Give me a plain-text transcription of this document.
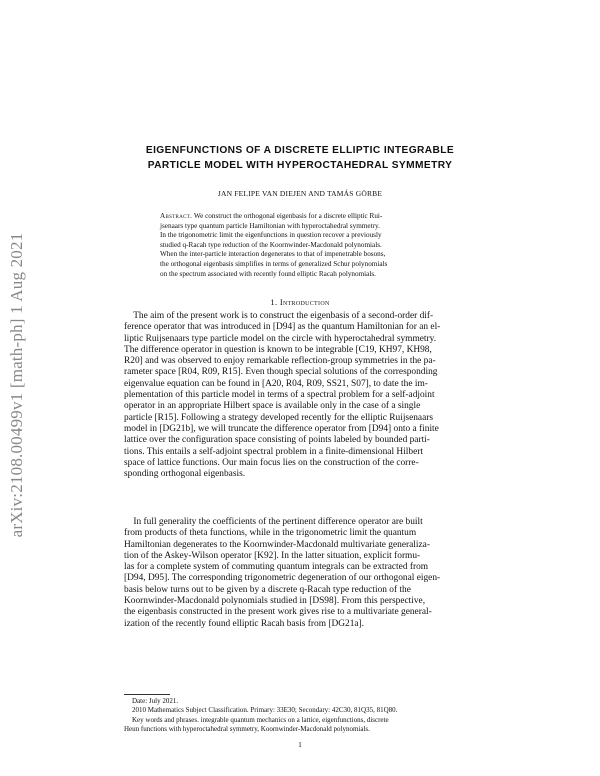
arXiv:2108.00499v1 [math-ph] 1 Aug 2021
EIGENFUNCTIONS OF A DISCRETE ELLIPTIC INTEGRABLE
PARTICLE MODEL WITH HYPEROCTAHEDRAL SYMMETRY
JAN FELIPE VAN DIEJEN AND TAMÁS GÖRBE
Abstract. We construct the orthogonal eigenbasis for a discrete elliptic Rui-
jsenaars type quantum particle Hamiltonian with hyperoctahedral symmetry.
In the trigonometric limit the eigenfunctions in question recover a previously
studied q-Racah type reduction of the Koornwinder-Macdonald polynomials.
When the inter-particle interaction degenerates to that of impenetrable bosons,
the orthogonal eigenbasis simplifies in terms of generalized Schur polynomials
on the spectrum associated with recently found elliptic Racah polynomials.
1. Introduction
The aim of the present work is to construct the eigenbasis of a second-order dif-
ference operator that was introduced in [D94] as the quantum Hamiltonian for an el-
liptic Ruijsenaars type particle model on the circle with hyperoctahedral symmetry.
The difference operator in question is known to be integrable [C19, KH97, KH98,
R20] and was observed to enjoy remarkable reflection-group symmetries in the pa-
rameter space [R04, R09, R15]. Even though special solutions of the corresponding
eigenvalue equation can be found in [A20, R04, R09, SS21, S07], to date the im-
plementation of this particle model in terms of a spectral problem for a self-adjoint
operator in an appropriate Hilbert space is available only in the case of a single
particle [R15]. Following a strategy developed recently for the elliptic Ruijsenaars
model in [DG21b], we will truncate the difference operator from [D94] onto a finite
lattice over the configuration space consisting of points labeled by bounded parti-
tions. This entails a self-adjoint spectral problem in a finite-dimensional Hilbert
space of lattice functions. Our main focus lies on the construction of the corre-
sponding orthogonal eigenbasis.
In full generality the coefficients of the pertinent difference operator are built
from products of theta functions, while in the trigonometric limit the quantum
Hamiltonian degenerates to the Koornwinder-Macdonald multivariate generaliza-
tion of the Askey-Wilson operator [K92]. In the latter situation, explicit formu-
las for a complete system of commuting quantum integrals can be extracted from
[D94, D95]. The corresponding trigonometric degeneration of our orthogonal eigen-
basis below turns out to be given by a discrete q-Racah type reduction of the
Koornwinder-Macdonald polynomials studied in [DS98]. From this perspective,
the eigenbasis constructed in the present work gives rise to a multivariate general-
ization of the recently found elliptic Racah basis from [DG21a].
Date: July 2021.
2010 Mathematics Subject Classification. Primary: 33E30; Secondary: 42C30, 81Q35, 81Q80.
Key words and phrases. integrable quantum mechanics on a lattice, eigenfunctions, discrete
Heun functions with hyperoctahedral symmetry, Koornwinder-Macdonald polynomials.
1
